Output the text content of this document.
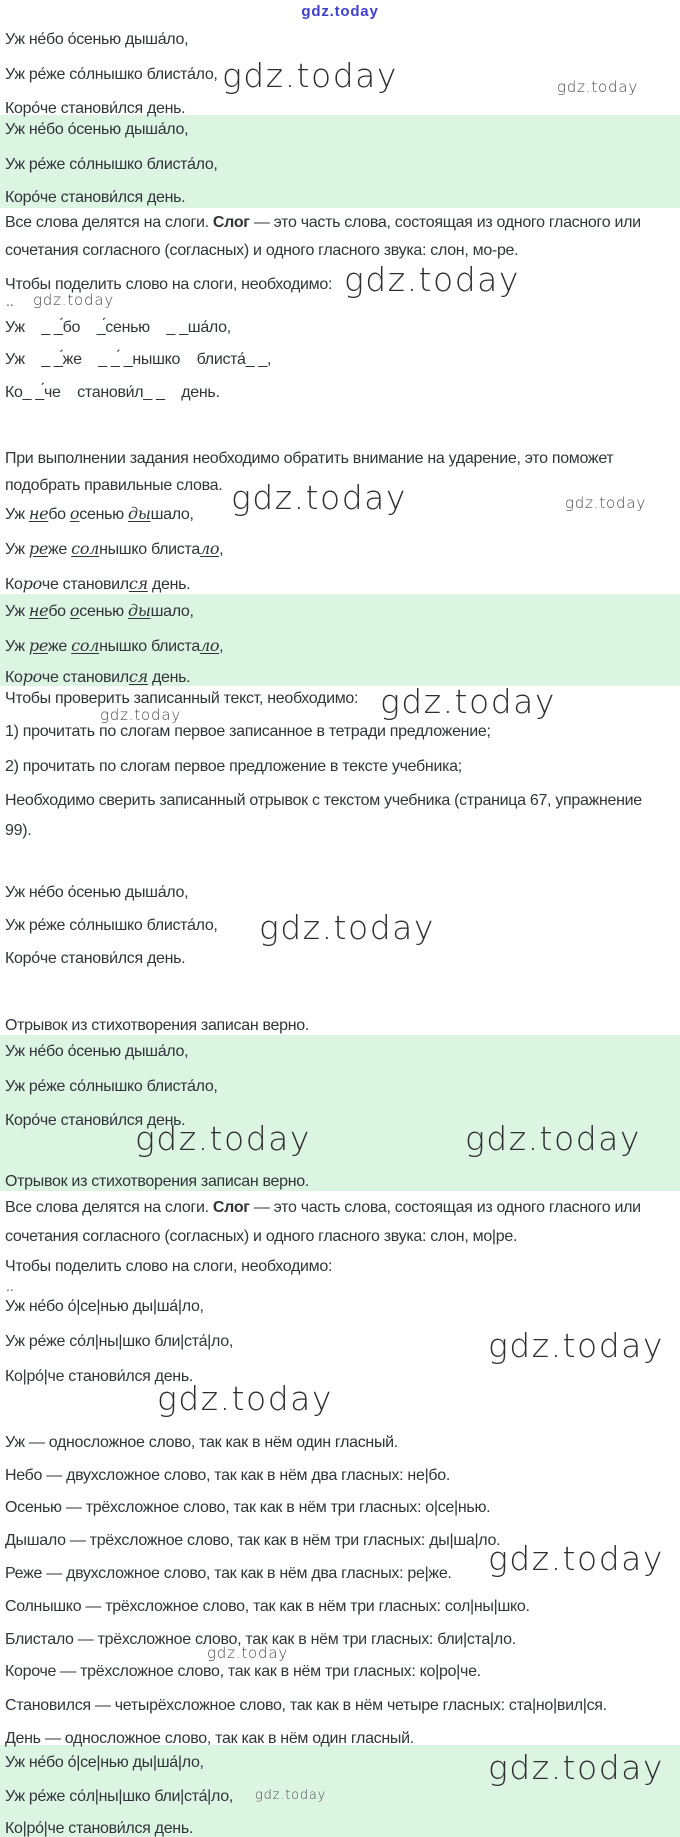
gdz.today
gdz.today	gdz.today
gdz.today
gdz.today
gdz.today	gdz.today
gdz.today
gdz.today
gdz.today
gdz.today	gdz.today
gdz.today
gdz.today
gdz.today
gdz.today
gdz.today
gdz.today
Уж не́бо о́сенью дыша́ло,
Уж ре́же со́лнышко блиста́ло,
Коро́че станови́лся день.
Уж не́бо о́сенью дыша́ло,
Уж ре́же со́лнышко блиста́ло,
Коро́че станови́лся день.
Все слова делятся на слоги. Слог — это часть слова, состоящая из одного гласного или
сочетания согласного (согласных) и одного гласного звука: слон, мо-ре.
Чтобы поделить слово на слоги, необходимо:
..
Уж    _ _́бо    _́сенью    _ _ша́ло,
Уж    _ _́же    _ _́ _нышко    блиста́_ _,
Ко_ _́че    станови́л_ _    день.
При выполнении задания необходимо обратить внимание на ударение, это поможет
подобрать правильные слова.
Уж небо осенью дышало,
Уж реже солнышко блистало,
Короче становился день.
Уж небо осенью дышало,
Уж реже солнышко блистало,
Короче становился день.
Чтобы проверить записанный текст, необходимо:
1) прочитать по слогам первое записанное в тетради предложение;
2) прочитать по слогам первое предложение в тексте учебника;
Необходимо сверить записанный отрывок с текстом учебника (страница 67, упражнение
99).
Уж не́бо о́сенью дыша́ло,
Уж ре́же со́лнышко блиста́ло,
Коро́че станови́лся день.
Отрывок из стихотворения записан верно.
Уж не́бо о́сенью дыша́ло,
Уж ре́же со́лнышко блиста́ло,
Коро́че станови́лся день.
Отрывок из стихотворения записан верно.
Все слова делятся на слоги. Слог — это часть слова, состоящая из одного гласного или
сочетания согласного (согласных) и одного гласного звука: слон, мо|ре.
Чтобы поделить слово на слоги, необходимо:
..
Уж не́бо о́|се|нью ды|ша́|ло,
Уж ре́же со́л|ны|шко бли|ста́|ло,
Ко|ро́|че станови́лся день.
Уж — односложное слово, так как в нём один гласный.
Небо — двухсложное слово, так как в нём два гласных: не|бо.
Осенью — трёхсложное слово, так как в нём три гласных: о|се|нью.
Дышало — трёхсложное слово, так как в нём три гласных: ды|ша|ло.
Реже — двухсложное слово, так как в нём два гласных: ре|же.
Солнышко — трёхсложное слово, так как в нём три гласных: сол|ны|шко.
Блистало — трёхсложное слово, так как в нём три гласных: бли|ста|ло.
Короче — трёхсложное слово, так как в нём три гласных: ко|ро|че.
Становился — четырёхсложное слово, так как в нём четыре гласных: ста|но|вил|ся.
День — односложное слово, так как в нём один гласный.
Уж не́бо о́|се|нью ды|ша́|ло,
Уж ре́же со́л|ны|шко бли|ста́|ло,
Ко|ро́|че станови́лся день.
